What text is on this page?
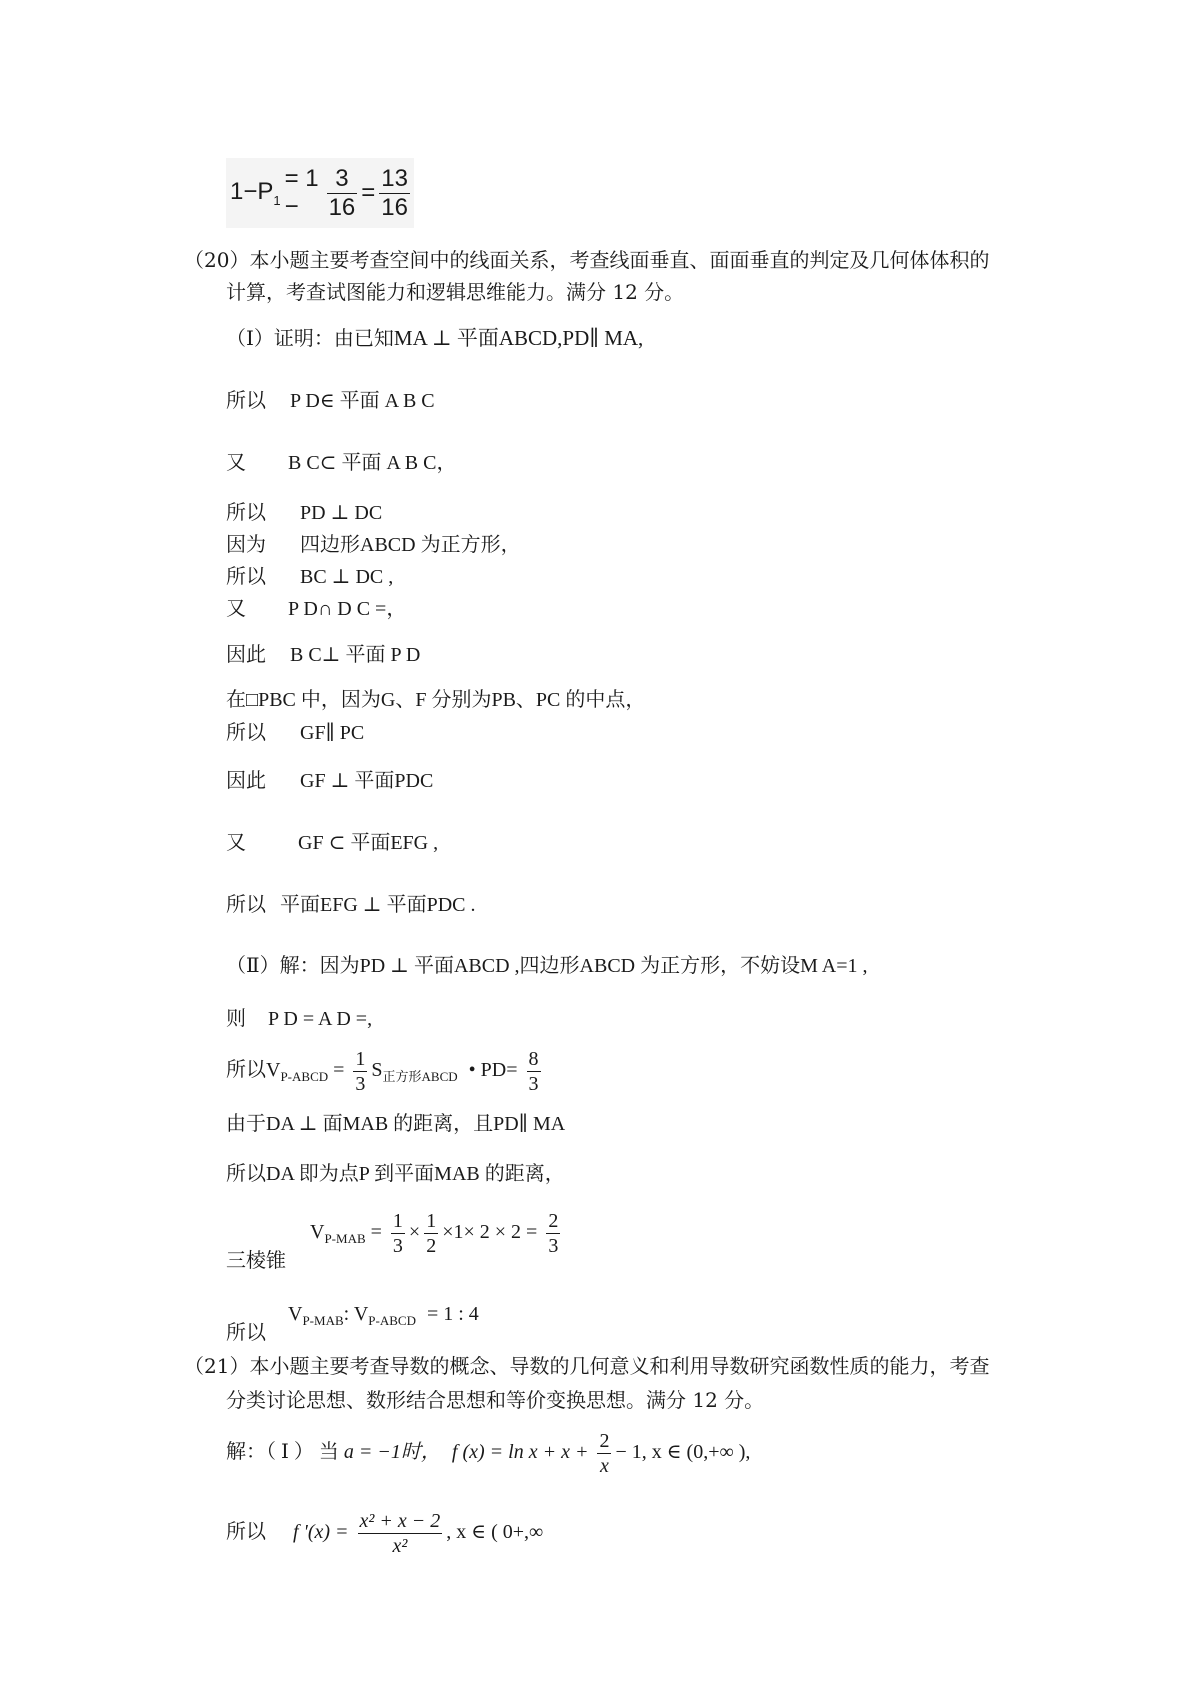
$1-P_1$
= 1 −	$\frac{3}{16} = \frac{13}{16}$
（20）本小题主要考查空间中的线面关系，考查线面垂直、面面垂直的判定及几何体体积的
计算，考查试图能力和逻辑思维能力。满分 12 分。
（I）证明：由已知MA ⊥ 平面ABCD,PD∥ MA,
所以 P D∈ 平面 A B C
又 B C⊂ 平面 A B C，
所以 PD ⊥ DC
因为 四边形ABCD 为正方形，
所以 BC ⊥ DC ,
又 P D∩ D C =，
因此 B C⊥ 平面 P D
在□PBC 中，因为G、F 分别为PB、PC 的中点，
所以 GF∥ PC
因此 GF ⊥ 平面PDC
又	GF ⊂ 平面EFG ,
所以 平面EFG ⊥ 平面PDC .
（Ⅱ）解：因为PD ⊥ 平面ABCD ,四边形ABCD 为正方形，不妨设M A=1 ,
则 P D = A D =,
所以$V_{P-ABCD} = \frac{1}{3} S_{正方形ABCD}$ • $PD= \frac{8}{3}$
由于DA ⊥ 面MAB 的距离，且PD∥ MA
所以DA 即为点P 到平面MAB 的距离，
三棱锥
$V_{P-MAB} = \frac{1}{3} \times \frac{1}{2} \times 1\times 2 \times 2 = \frac{2}{3}$
所以
$V_{P-MAB}$: $V_{P-ABCD} = 1$ : 4
（21）本小题主要考查导数的概念、导数的几何意义和利用导数研究函数性质的能力，考查
分类讨论思想、数形结合思想和等价变换思想。满分 12 分。
解：（ Ⅰ ） 当 a = −1时， f $(x) = \ln x + x + \frac{2}{x} - 1$, x ∈ (0,+∞ ),
所以 f '$(x) = \frac{\text{x² + x − 2}}{\text{x²}}$ , x ∈ ( 0+,∞
